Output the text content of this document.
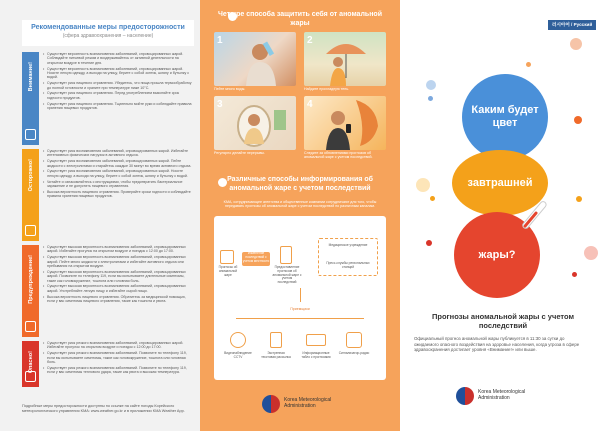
Рекомендованные меры предосторожности
(сфера здравоохранения – население)
Внимание!
• Существует вероятность возникновения заболеваний, спровоцированных жарой. Соблюдайте питьевой режим и воздерживайтесь от активной деятельности на открытом воздухе в течение дня.
• Существует вероятность возникновения заболеваний, спровоцированных жарой. Носите легкую одежду, а выходя на улицу, берите с собой зонтик, шляпу и бутылку с водой.
• Существует риск пищевого отравления. Убедитесь, что пища прошла термообработку до полной готовности и храните при температуре ниже 10°С.
• Существует риск пищевого отравления. Перед употреблением выясняйте срок годности продуктов.
• Существует риск пищевого отравления. Тщательно мойте руки и соблюдайте правила хранения пищевых продуктов.
Осторожно!
• Существует риск возникновения заболеваний, спровоцированных жарой. Избегайте интенсивных физических нагрузок в активного отдыха.
• Существует риск возникновения заболеваний, спровоцированных жарой. Пейте жидкости с электролитами и старайтесь каждые 30 минут во время активного отдыха.
• Существует риск возникновения заболеваний, спровоцированных жарой. Носите легкую одежду, а выходя на улицу, берите с собой зонтик, шляпу и бутылку с водой.
• Читайте и ознакомляйтесь с инструкциями, чтобы предотвратить бактериальное заражение и не допустить пищевого отравления.
• Высока вероятность пищевого отравления. Проверяйте сроки годности и соблюдайте правила хранения пищевых продуктов.
Предупреждение!
• Существует высокая вероятность возникновения заболеваний, спровоцированных жарой. Избегайте прогулок на открытом воздухе и поездок с 12:00 до 17:00.
• Существует высокая вероятность возникновения заболеваний, спровоцированных жарой. Пейте много жидкости с электролитами и избегайте активного отдыха или пребывания на открытом воздухе.
• Существует высокая вероятность возникновения заболеваний, спровоцированных жарой. Позвоните по телефону 119, если вы испытываете длительные симптомы, такие как головокружение, тошнота или головная боль.
• Существует высокая вероятность возникновения заболеваний, спровоцированных жарой. Употребляйте легкую пищу и избегайте сырой пищи.
• Высока вероятность пищевого отравления. Обратитесь за медицинской помощью, если у вас симптомы пищевого отравления, такие как тошнота и рвота.
Опасно!
• Существует риск резкого возникновения заболеваний, спровоцированных жарой. Избегайте прогулок на открытом воздухе и поездок с 12:00 до 17:00.
• Существует риск резкого возникновения заболеваний. Позвоните по телефону 119, если вы испытываете симптомы, такие как головокружение, тошнота или головная боль.
• Существует риск резкого возникновения заболеваний. Позвоните по телефону 119, если у вас симптомы теплового удара, такие как рвота и высокая температура.
Подробные меры предосторожности доступны по ссылке на сайте погоды Корейского метеорологического управления KMA: www.weather.go.kr и в приложении KMA Weather App.
Четыре способа защитить себя от аномальной жары
1
Пейте много воды.
2
Найдите прохладную тень.
3
Регулярно делайте перерывы.
4
Следите за обновлениями прогнозов об аномальной жаре с учетом последствий.
Различные способы информирования об аномальной жаре с учетом последствий
KMA, сотрудничающее агентства и общественные компании сотрудничают для того, чтобы передавать прогнозы об аномальной жаре с учетом последствий по различным каналам.
Прогнозы об аномальной жаре
Изменение последствий с учетом местности
Предоставление прогнозов об аномальной жаре с учетом последствий
Медицинское учреждение
Пресс-службы региональных станций
Приемщики
Видеонаблюдение CCTV
Экстренная текстовая рассылка
Информационные табло с прогнозами
Сигнализатор-радио
Korea Meteorological
Administration
러시아어 / Русский
Каким будет цвет
завтрашней
жары?
Прогнозы аномальной жары с учетом последствий
Официальный прогноз аномальной жары публикуется в 11:30 за сутки до ожидаемого опасного воздействия на здоровье населения, когда угроза в сфере здравоохранения достигает уровня «Внимание!» или выше.
Korea Meteorological
Administration
